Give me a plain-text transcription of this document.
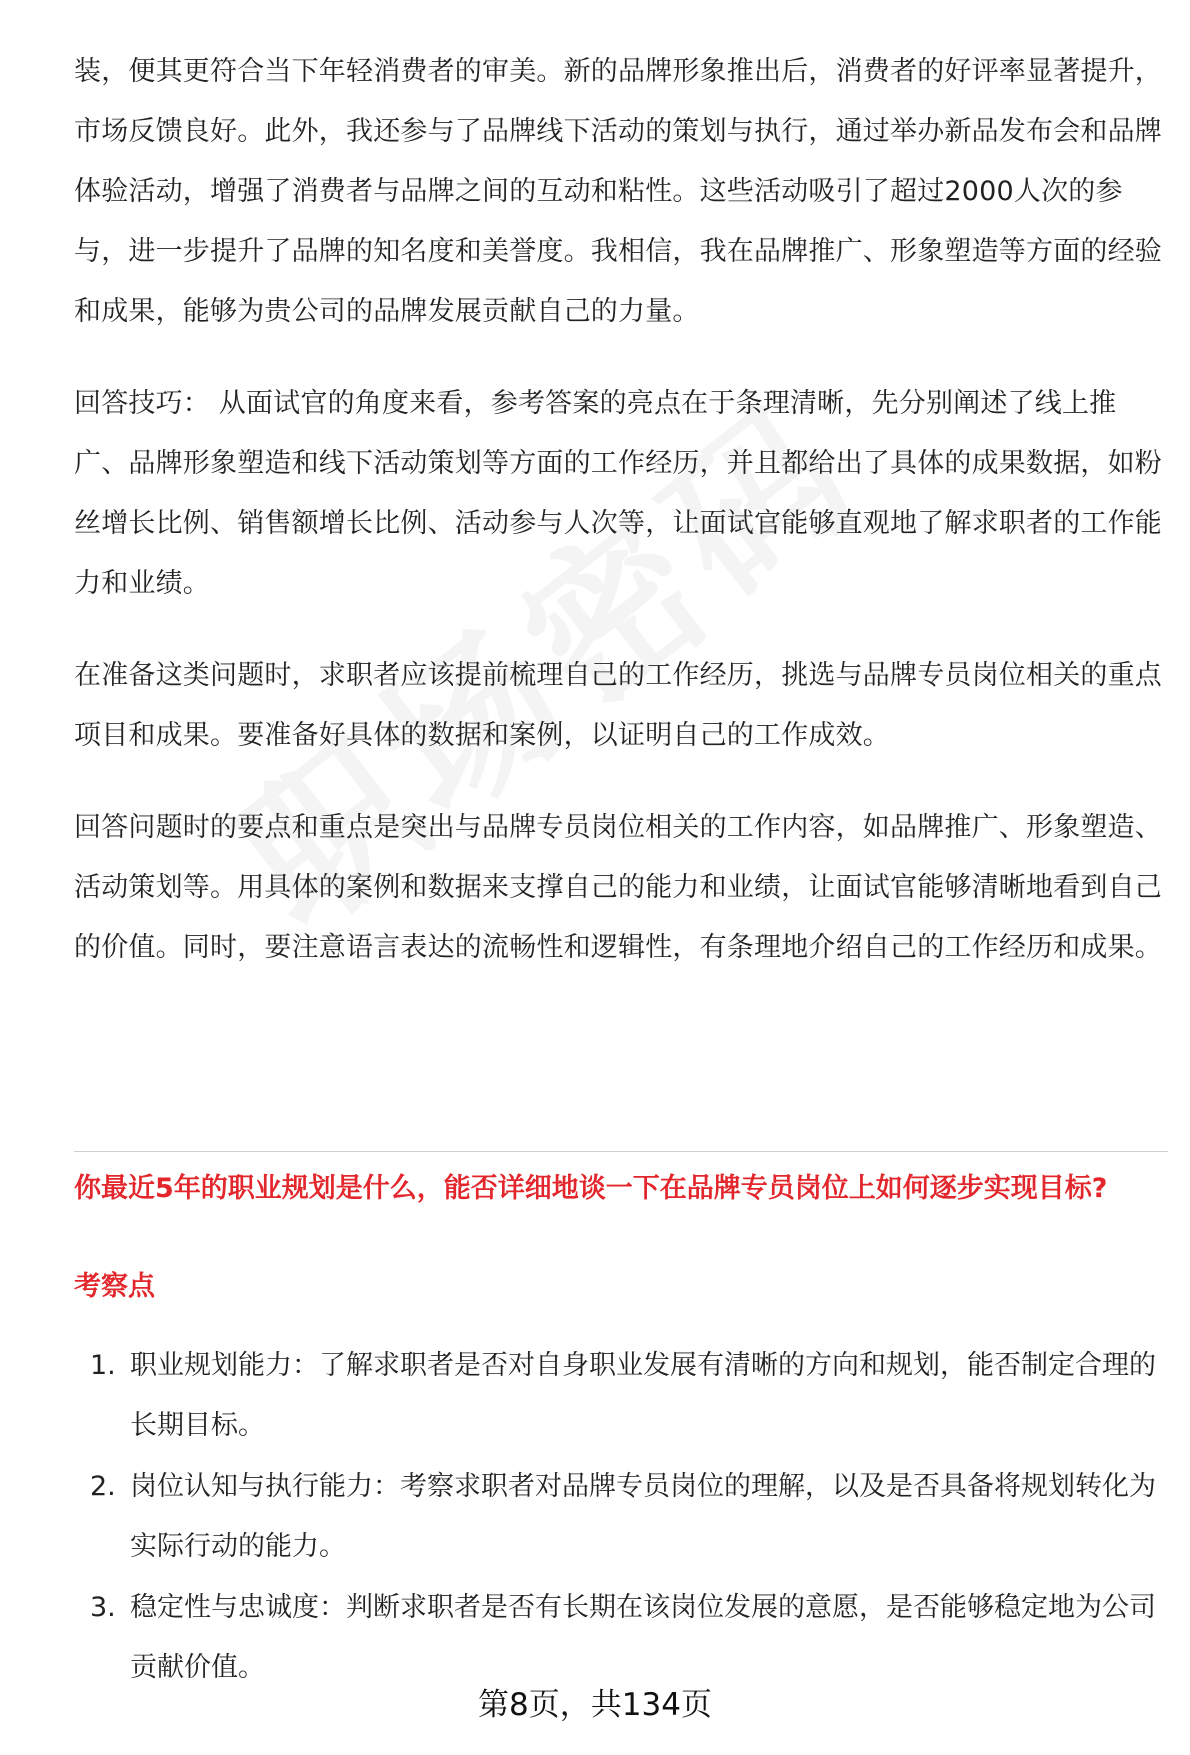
装，便其更符合当下年轻消费者的审美。新的品牌形象推出后，消费者的好评率显著提升，市场反馈良好。此外，我还参与了品牌线下活动的策划与执行，通过举办新品发布会和品牌体验活动，增强了消费者与品牌之间的互动和粘性。这些活动吸引了超过2000人次的参与，进一步提升了品牌的知名度和美誉度。我相信，我在品牌推广、形象塑造等方面的经验和成果，能够为贵公司的品牌发展贡献自己的力量。

回答技巧： 从面试官的角度来看，参考答案的亮点在于条理清晰，先分别阐述了线上推广、品牌形象塑造和线下活动策划等方面的工作经历，并且都给出了具体的成果数据，如粉丝增长比例、销售额增长比例、活动参与人次等，让面试官能够直观地了解求职者的工作能力和业绩。

在准备这类问题时，求职者应该提前梳理自己的工作经历，挑选与品牌专员岗位相关的重点项目和成果。要准备好具体的数据和案例，以证明自己的工作成效。

回答问题时的要点和重点是突出与品牌专员岗位相关的工作内容，如品牌推广、形象塑造、活动策划等。用具体的案例和数据来支撑自己的能力和业绩，让面试官能够清晰地看到自己的价值。同时，要注意语言表达的流畅性和逻辑性，有条理地介绍自己的工作经历和成果。

你最近5年的职业规划是什么，能否详细地谈一下在品牌专员岗位上如何逐步实现目标?
考察点
1. 职业规划能力：了解求职者是否对自身职业发展有清晰的方向和规划，能否制定合理的长期目标。
2. 岗位认知与执行能力：考察求职者对品牌专员岗位的理解，以及是否具备将规划转化为实际行动的能力。
3. 稳定性与忠诚度：判断求职者是否有长期在该岗位发展的意愿，是否能够稳定地为公司贡献价值。
第8页，共134页
